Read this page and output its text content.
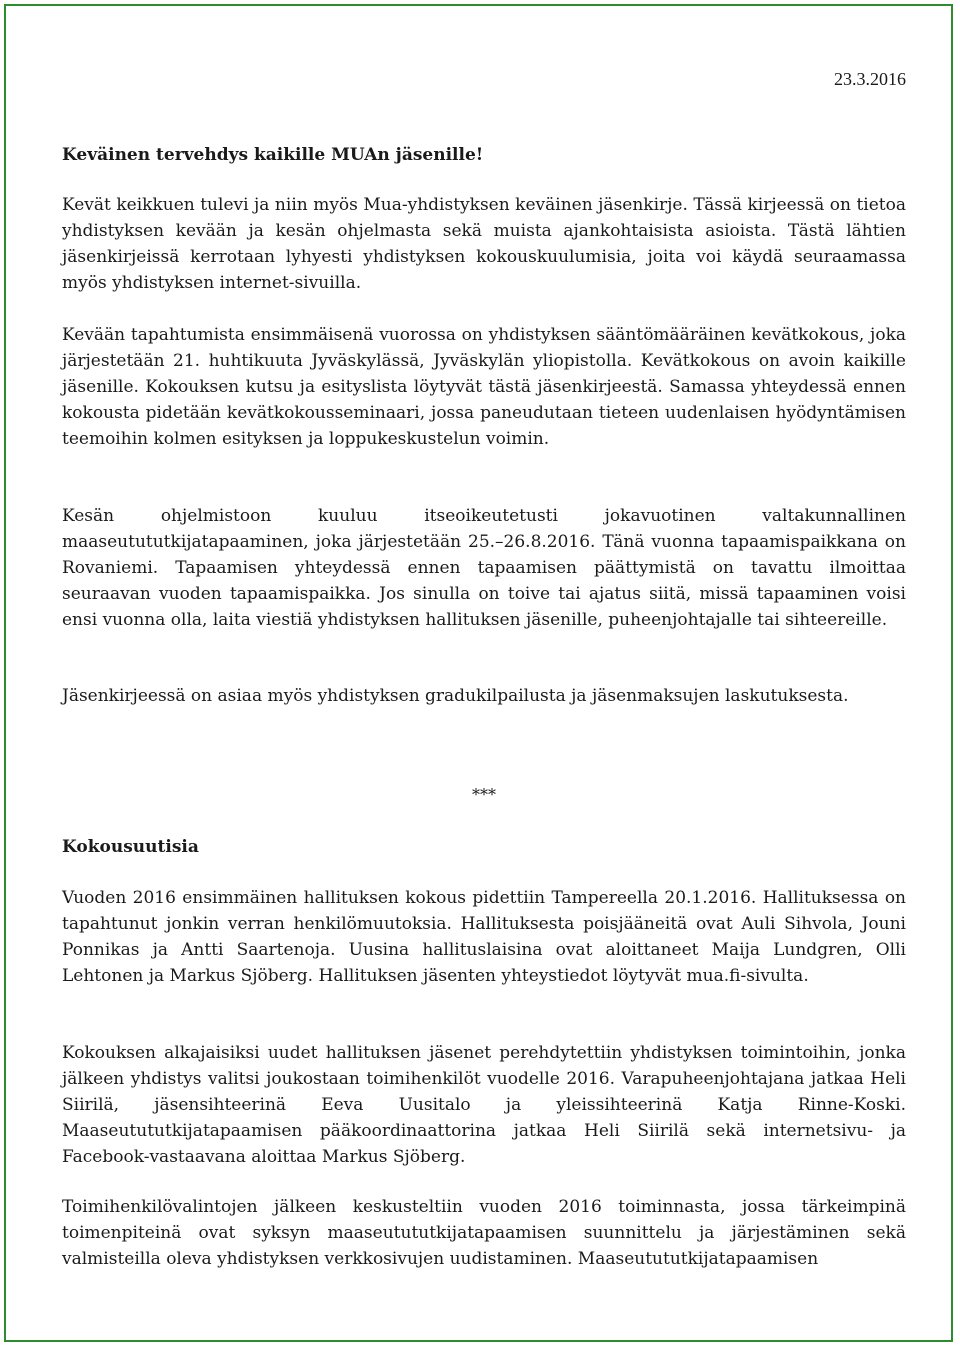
23.3.2016
Keväinen tervehdys kaikille MUAn jäsenille!

Kevät keikkuen tulevi ja niin myös Mua-yhdistyksen keväinen jäsenkirje. Tässä kirjeessä on tietoa yhdistyksen kevään ja kesän ohjelmasta sekä muista ajankohtaisista asioista. Tästä lähtien jäsenkirjeissä kerrotaan lyhyesti yhdistyksen kokouskuulumisia, joita voi käydä seuraamassa myös yhdistyksen internet-sivuilla.

Kevään tapahtumista ensimmäisenä vuorossa on yhdistyksen sääntömääräinen kevätkokous, joka järjestetään 21. huhtikuuta Jyväskylässä, Jyväskylän yliopistolla. Kevätkokous on avoin kaikille jäsenille. Kokouksen kutsu ja esityslista löytyvät tästä jäsenkirjeestä. Samassa yhteydessä ennen kokousta pidetään kevätkokousseminaari, jossa paneudutaan tieteen uudenlaisen hyödyntämisen teemoihin kolmen esityksen ja loppukeskustelun voimin.

Kesän ohjelmistoon kuuluu itseoikeutetusti jokavuotinen valtakunnallinen maaseutututkijatapaaminen, joka järjestetään 25.–26.8.2016. Tänä vuonna tapaamispaikkana on Rovaniemi. Tapaamisen yhteydessä ennen tapaamisen päättymistä on tavattu ilmoittaa seuraavan vuoden tapaamispaikka. Jos sinulla on toive tai ajatus siitä, missä tapaaminen voisi ensi vuonna olla, laita viestiä yhdistyksen hallituksen jäsenille, puheenjohtajalle tai sihteereille.

Jäsenkirjeessä on asiaa myös yhdistyksen gradukilpailusta ja jäsenmaksujen laskutuksesta.

***
Kokousuutisia

Vuoden 2016 ensimmäinen hallituksen kokous pidettiin Tampereella 20.1.2016. Hallituksessa on tapahtunut jonkin verran henkilömuutoksia. Hallituksesta poisjääneitä ovat Auli Sihvola, Jouni Ponnikas ja Antti Saartenoja. Uusina hallituslaisina ovat aloittaneet Maija Lundgren, Olli Lehtonen ja Markus Sjöberg. Hallituksen jäsenten yhteystiedot löytyvät mua.fi-sivulta.

Kokouksen alkajaisiksi uudet hallituksen jäsenet perehdytettiin yhdistyksen toimintoihin, jonka jälkeen yhdistys valitsi joukostaan toimihenkilöt vuodelle 2016. Varapuheenjohtajana jatkaa Heli Siirilä, jäsensihteerinä Eeva Uusitalo ja yleissihteerinä Katja Rinne-Koski. Maaseutututkijatapaamisen pääkoordinaattorina jatkaa Heli Siirilä sekä internetsivu- ja Facebook-vastaavana aloittaa Markus Sjöberg.

Toimihenkilövalintojen jälkeen keskusteltiin vuoden 2016 toiminnasta, jossa tärkeimpinä toimenpiteinä ovat syksyn maaseutututkijatapaamisen suunnittelu ja järjestäminen sekä valmisteilla oleva yhdistyksen verkkosivujen uudistaminen. Maaseutututkijatapaamisen
